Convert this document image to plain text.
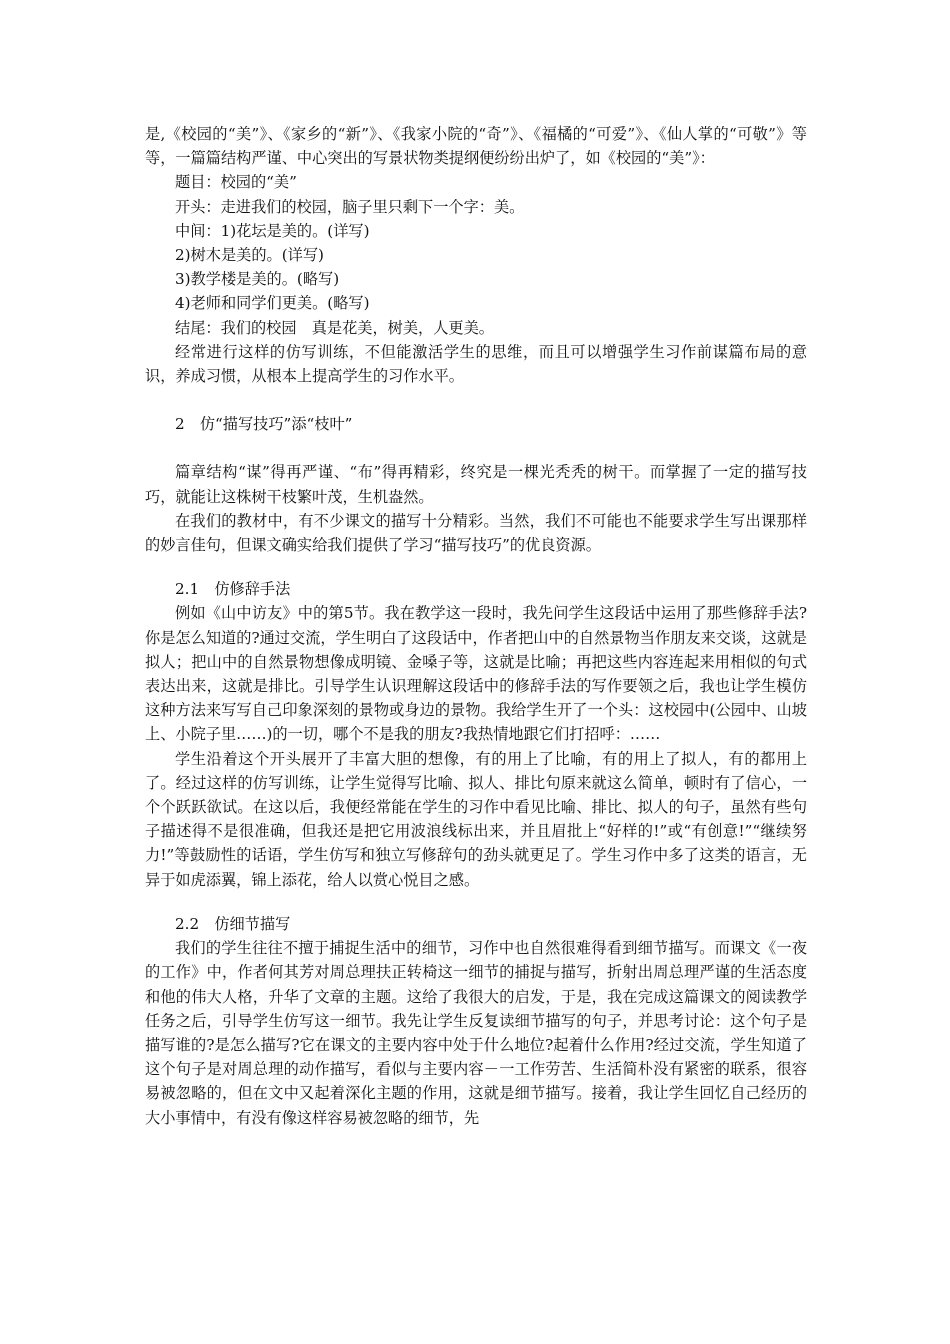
是,《校园的“美”》、《家乡的“新”》、《我家小院的“奇”》、《福橘的“可爱”》、《仙人掌的“可敬”》等等，一篇篇结构严谨、中心突出的写景状物类提纲便纷纷出炉了，如《校园的“美”》：

题目：校园的“美”

开头：走进我们的校园，脑子里只剩下一个字：美。

中间：1)花坛是美的。(详写)

2)树木是美的。(详写)

3)教学楼是美的。(略写)

4)老师和同学们更美。(略写)

结尾：我们的校园　真是花美，树美，人更美。

经常进行这样的仿写训练，不但能激活学生的思维，而且可以增强学生习作前谋篇布局的意识，养成习惯，从根本上提高学生的习作水平。

2　仿“描写技巧”添“枝叶”

篇章结构“谋”得再严谨、“布”得再精彩，终究是一棵光秃秃的树干。而掌握了一定的描写技巧，就能让这株树干枝繁叶茂，生机盎然。

在我们的教材中，有不少课文的描写十分精彩。当然，我们不可能也不能要求学生写出课那样的妙言佳句，但课文确实给我们提供了学习“描写技巧”的优良资源。

2.1　仿修辞手法

例如《山中访友》中的第5节。我在教学这一段时，我先问学生这段话中运用了那些修辞手法?你是怎么知道的?通过交流，学生明白了这段话中，作者把山中的自然景物当作朋友来交谈，这就是拟人；把山中的自然景物想像成明镜、金嗓子等，这就是比喻；再把这些内容连起来用相似的句式表达出来，这就是排比。引导学生认识理解这段话中的修辞手法的写作要领之后，我也让学生模仿这种方法来写写自己印象深刻的景物或身边的景物。我给学生开了一个头：这校园中(公园中、山坡上、小院子里……)的一切，哪个不是我的朋友?我热情地跟它们打招呼：……

学生沿着这个开头展开了丰富大胆的想像，有的用上了比喻，有的用上了拟人，有的都用上了。经过这样的仿写训练，让学生觉得写比喻、拟人、排比句原来就这么简单，顿时有了信心，一个个跃跃欲试。在这以后，我便经常能在学生的习作中看见比喻、排比、拟人的句子，虽然有些句子描述得不是很准确，但我还是把它用波浪线标出来，并且眉批上“好样的!”或“有创意!”“继续努力!”等鼓励性的话语，学生仿写和独立写修辞句的劲头就更足了。学生习作中多了这类的语言，无异于如虎添翼，锦上添花，给人以赏心悦目之感。

2.2　仿细节描写

我们的学生往往不擅于捕捉生活中的细节，习作中也自然很难得看到细节描写。而课文《一夜的工作》中，作者何其芳对周总理扶正转椅这一细节的捕捉与描写，折射出周总理严谨的生活态度和他的伟大人格，升华了文章的主题。这给了我很大的启发，于是，我在完成这篇课文的阅读教学任务之后，引导学生仿写这一细节。我先让学生反复读细节描写的句子，并思考讨论：这个句子是描写谁的?是怎么描写?它在课文的主要内容中处于什么地位?起着什么作用?经过交流，学生知道了这个句子是对周总理的动作描写，看似与主要内容－一工作劳苦、生活简朴没有紧密的联系，很容易被忽略的，但在文中又起着深化主题的作用，这就是细节描写。接着，我让学生回忆自己经历的大小事情中，有没有像这样容易被忽略的细节，先
